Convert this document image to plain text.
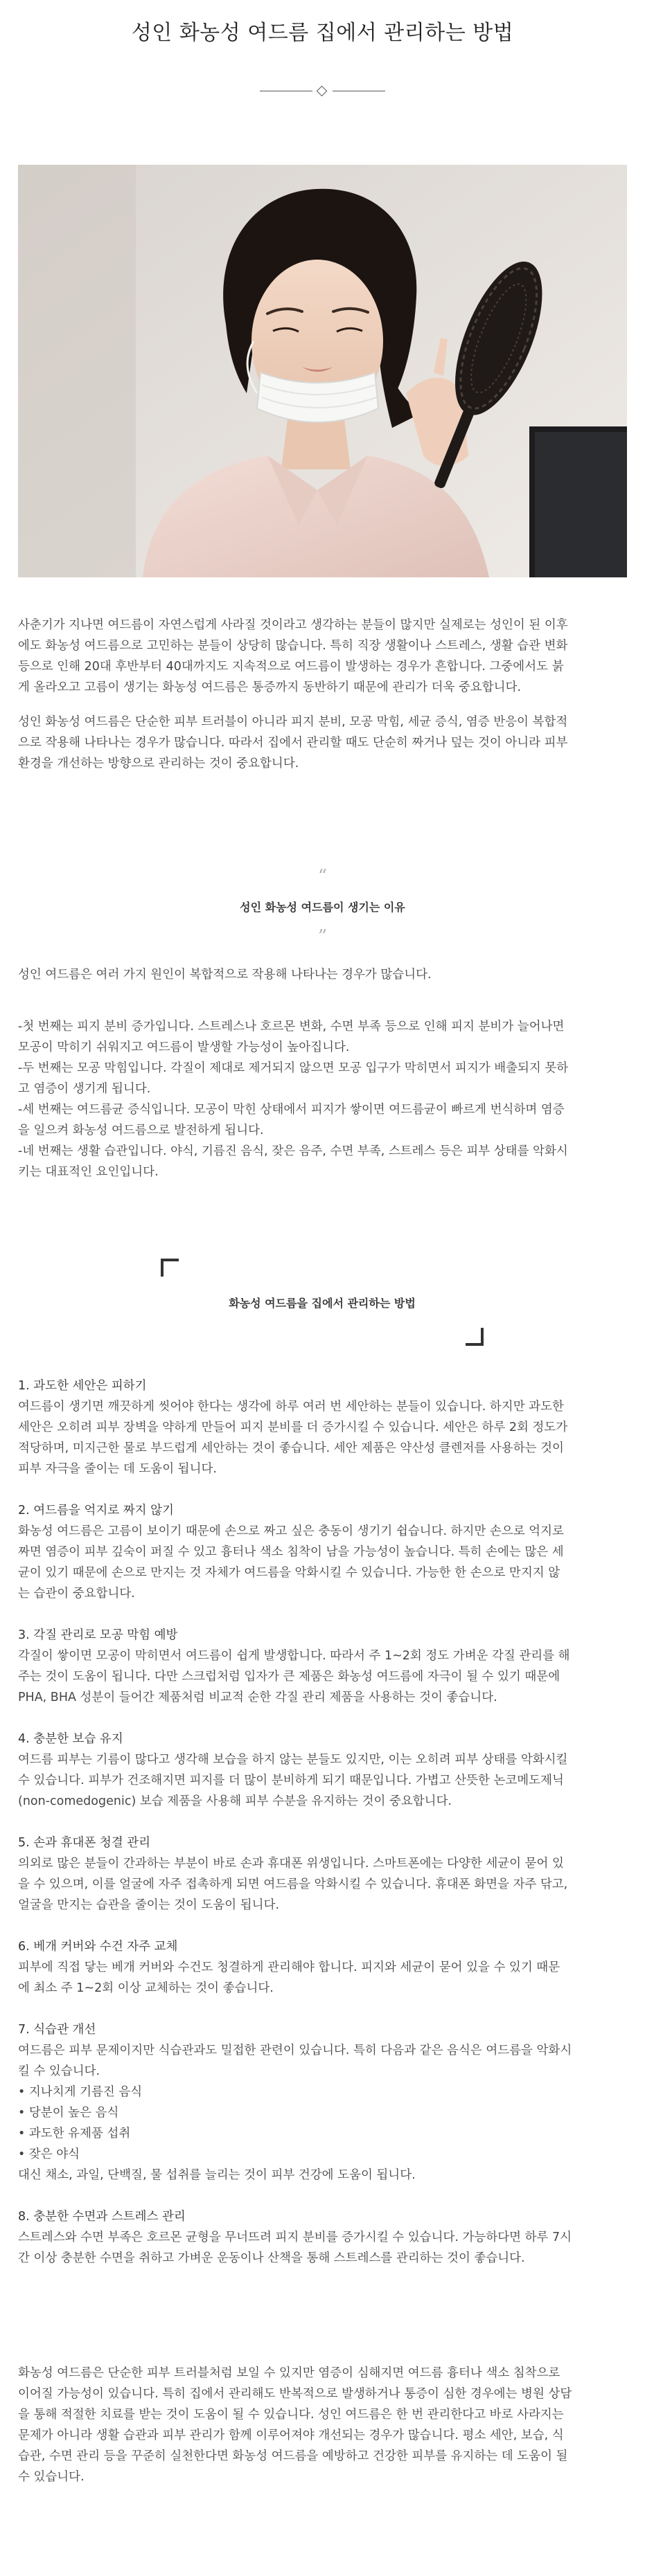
성인 화농성 여드름 집에서 관리하는 방법

사춘기가 지나면 여드름이 자연스럽게 사라질 것이라고 생각하는 분들이 많지만 실제로는 성인이 된 이후

에도 화농성 여드름으로 고민하는 분들이 상당히 많습니다. 특히 직장 생활이나 스트레스, 생활 습관 변화

등으로 인해 20대 후반부터 40대까지도 지속적으로 여드름이 발생하는 경우가 흔합니다. 그중에서도 붉

게 올라오고 고름이 생기는 화농성 여드름은 통증까지 동반하기 때문에 관리가 더욱 중요합니다.

성인 화농성 여드름은 단순한 피부 트러블이 아니라 피지 분비, 모공 막힘, 세균 증식, 염증 반응이 복합적

으로 작용해 나타나는 경우가 많습니다. 따라서 집에서 관리할 때도 단순히 짜거나 덮는 것이 아니라 피부

환경을 개선하는 방향으로 관리하는 것이 중요합니다.

“
성인 화농성 여드름이 생기는 이유
”

성인 여드름은 여러 가지 원인이 복합적으로 작용해 나타나는 경우가 많습니다.

-첫 번째는 피지 분비 증가입니다. 스트레스나 호르몬 변화, 수면 부족 등으로 인해 피지 분비가 늘어나면

모공이 막히기 쉬워지고 여드름이 발생할 가능성이 높아집니다.

-두 번째는 모공 막힘입니다. 각질이 제대로 제거되지 않으면 모공 입구가 막히면서 피지가 배출되지 못하

고 염증이 생기게 됩니다.

-세 번째는 여드름균 증식입니다. 모공이 막힌 상태에서 피지가 쌓이면 여드름균이 빠르게 번식하며 염증

을 일으켜 화농성 여드름으로 발전하게 됩니다.

-네 번째는 생활 습관입니다. 야식, 기름진 음식, 잦은 음주, 수면 부족, 스트레스 등은 피부 상태를 악화시

키는 대표적인 요인입니다.

화농성 여드름을 집에서 관리하는 방법

1. 과도한 세안은 피하기

여드름이 생기면 깨끗하게 씻어야 한다는 생각에 하루 여러 번 세안하는 분들이 있습니다. 하지만 과도한

세안은 오히려 피부 장벽을 약하게 만들어 피지 분비를 더 증가시킬 수 있습니다. 세안은 하루 2회 정도가

적당하며, 미지근한 물로 부드럽게 세안하는 것이 좋습니다. 세안 제품은 약산성 클렌저를 사용하는 것이

피부 자극을 줄이는 데 도움이 됩니다.

2. 여드름을 억지로 짜지 않기

화농성 여드름은 고름이 보이기 때문에 손으로 짜고 싶은 충동이 생기기 쉽습니다. 하지만 손으로 억지로

짜면 염증이 피부 깊숙이 퍼질 수 있고 흉터나 색소 침착이 남을 가능성이 높습니다. 특히 손에는 많은 세

균이 있기 때문에 손으로 만지는 것 자체가 여드름을 악화시킬 수 있습니다. 가능한 한 손으로 만지지 않

는 습관이 중요합니다.

3. 각질 관리로 모공 막힘 예방

각질이 쌓이면 모공이 막히면서 여드름이 쉽게 발생합니다. 따라서 주 1~2회 정도 가벼운 각질 관리를 해

주는 것이 도움이 됩니다. 다만 스크럽처럼 입자가 큰 제품은 화농성 여드름에 자극이 될 수 있기 때문에

PHA, BHA 성분이 들어간 제품처럼 비교적 순한 각질 관리 제품을 사용하는 것이 좋습니다.

4. 충분한 보습 유지

여드름 피부는 기름이 많다고 생각해 보습을 하지 않는 분들도 있지만, 이는 오히려 피부 상태를 악화시킬

수 있습니다. 피부가 건조해지면 피지를 더 많이 분비하게 되기 때문입니다. 가볍고 산뜻한 논코메도제닉

(non-comedogenic) 보습 제품을 사용해 피부 수분을 유지하는 것이 중요합니다.

5. 손과 휴대폰 청결 관리

의외로 많은 분들이 간과하는 부분이 바로 손과 휴대폰 위생입니다. 스마트폰에는 다양한 세균이 묻어 있

을 수 있으며, 이를 얼굴에 자주 접촉하게 되면 여드름을 악화시킬 수 있습니다. 휴대폰 화면을 자주 닦고,

얼굴을 만지는 습관을 줄이는 것이 도움이 됩니다.

6. 베개 커버와 수건 자주 교체

피부에 직접 닿는 베개 커버와 수건도 청결하게 관리해야 합니다. 피지와 세균이 묻어 있을 수 있기 때문

에 최소 주 1~2회 이상 교체하는 것이 좋습니다.

7. 식습관 개선

여드름은 피부 문제이지만 식습관과도 밀접한 관련이 있습니다. 특히 다음과 같은 음식은 여드름을 악화시

킬 수 있습니다.

• 지나치게 기름진 음식
• 당분이 높은 음식
• 과도한 유제품 섭취
• 잦은 야식

대신 채소, 과일, 단백질, 물 섭취를 늘리는 것이 피부 건강에 도움이 됩니다.

8. 충분한 수면과 스트레스 관리

스트레스와 수면 부족은 호르몬 균형을 무너뜨려 피지 분비를 증가시킬 수 있습니다. 가능하다면 하루 7시

간 이상 충분한 수면을 취하고 가벼운 운동이나 산책을 통해 스트레스를 관리하는 것이 좋습니다.

화농성 여드름은 단순한 피부 트러블처럼 보일 수 있지만 염증이 심해지면 여드름 흉터나 색소 침착으로

이어질 가능성이 있습니다. 특히 집에서 관리해도 반복적으로 발생하거나 통증이 심한 경우에는 병원 상담

을 통해 적절한 치료를 받는 것이 도움이 될 수 있습니다. 성인 여드름은 한 번 관리한다고 바로 사라지는

문제가 아니라 생활 습관과 피부 관리가 함께 이루어져야 개선되는 경우가 많습니다. 평소 세안, 보습, 식

습관, 수면 관리 등을 꾸준히 실천한다면 화농성 여드름을 예방하고 건강한 피부를 유지하는 데 도움이 될

수 있습니다.
